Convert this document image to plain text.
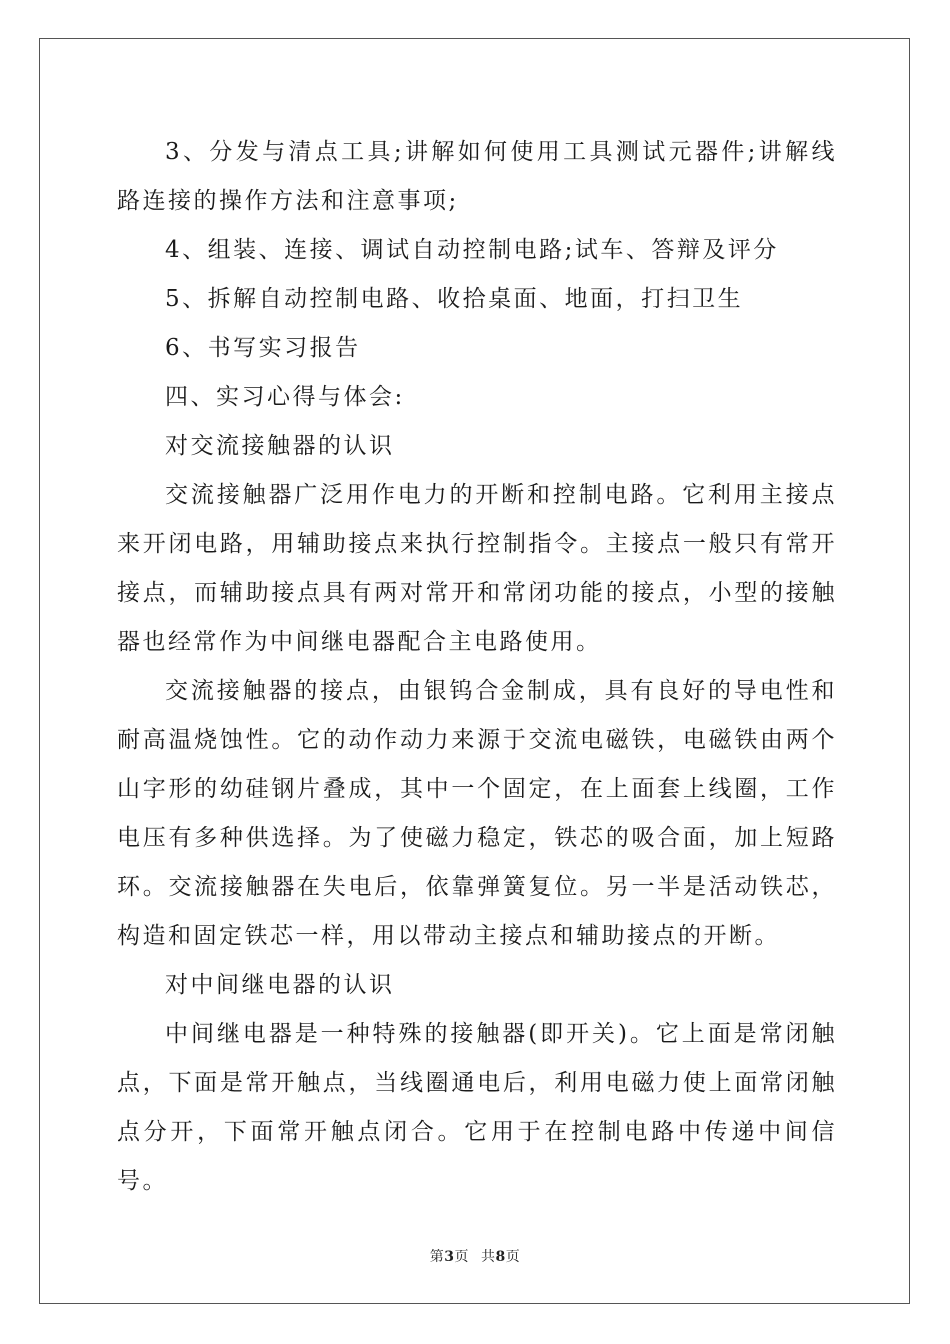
3、分发与清点工具;讲解如何使用工具测试元器件;讲解线路连接的操作方法和注意事项;

4、组装、连接、调试自动控制电路;试车、答辩及评分

5、拆解自动控制电路、收拾桌面、地面，打扫卫生

6、书写实习报告

四、实习心得与体会:

对交流接触器的认识

交流接触器广泛用作电力的开断和控制电路。它利用主接点来开闭电路，用辅助接点来执行控制指令。主接点一般只有常开接点，而辅助接点具有两对常开和常闭功能的接点，小型的接触器也经常作为中间继电器配合主电路使用。

交流接触器的接点，由银钨合金制成，具有良好的导电性和耐高温烧蚀性。它的动作动力来源于交流电磁铁，电磁铁由两个山字形的幼硅钢片叠成，其中一个固定，在上面套上线圈，工作电压有多种供选择。为了使磁力稳定，铁芯的吸合面，加上短路环。交流接触器在失电后，依靠弹簧复位。另一半是活动铁芯，构造和固定铁芯一样，用以带动主接点和辅助接点的开断。

对中间继电器的认识

中间继电器是一种特殊的接触器(即开关)。它上面是常闭触点，下面是常开触点，当线圈通电后，利用电磁力使上面常闭触点分开，下面常开触点闭合。它用于在控制电路中传递中间信号。

第3页 共8页
